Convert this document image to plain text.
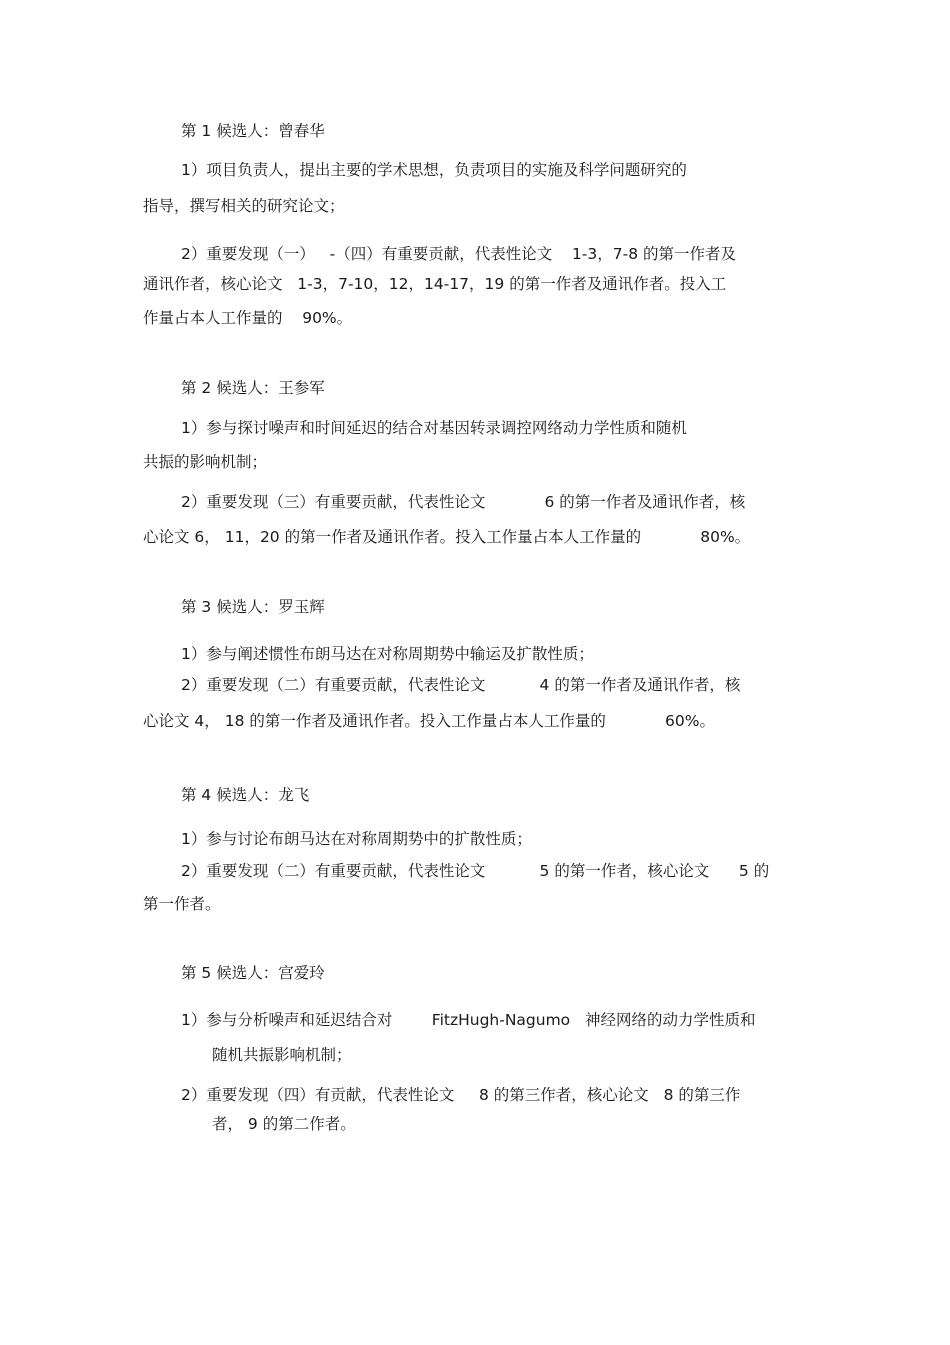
第 1 候选人：曾春华
1）项目负责人，提出主要的学术思想，负责项目的实施及科学问题研究的
指导，撰写相关的研究论文；
2）重要发现（一）   -（四）有重要贡献，代表性论文    1-3，7-8 的第一作者及
通讯作者，核心论文   1-3，7-10，12，14-17，19 的第一作者及通讯作者。投入工
作量占本人工作量的    90%。
第 2 候选人：王参军
1）参与探讨噪声和时间延迟的结合对基因转录调控网络动力学性质和随机
共振的影响机制；
2）重要发现（三）有重要贡献，代表性论文            6 的第一作者及通讯作者，核
心论文 6， 11，20 的第一作者及通讯作者。投入工作量占本人工作量的            80%。
第 3 候选人：罗玉辉
1）参与阐述惯性布朗马达在对称周期势中输运及扩散性质；
2）重要发现（二）有重要贡献，代表性论文           4 的第一作者及通讯作者，核
心论文 4， 18 的第一作者及通讯作者。投入工作量占本人工作量的            60%。
第 4 候选人：龙飞
1）参与讨论布朗马达在对称周期势中的扩散性质；
2）重要发现（二）有重要贡献，代表性论文           5 的第一作者，核心论文      5 的
第一作者。
第 5 候选人：宫爱玲
1）参与分析噪声和延迟结合对        FitzHugh-Nagumo   神经网络的动力学性质和
随机共振影响机制；
2）重要发现（四）有贡献，代表性论文     8 的第三作者，核心论文   8 的第三作
者， 9 的第二作者。
